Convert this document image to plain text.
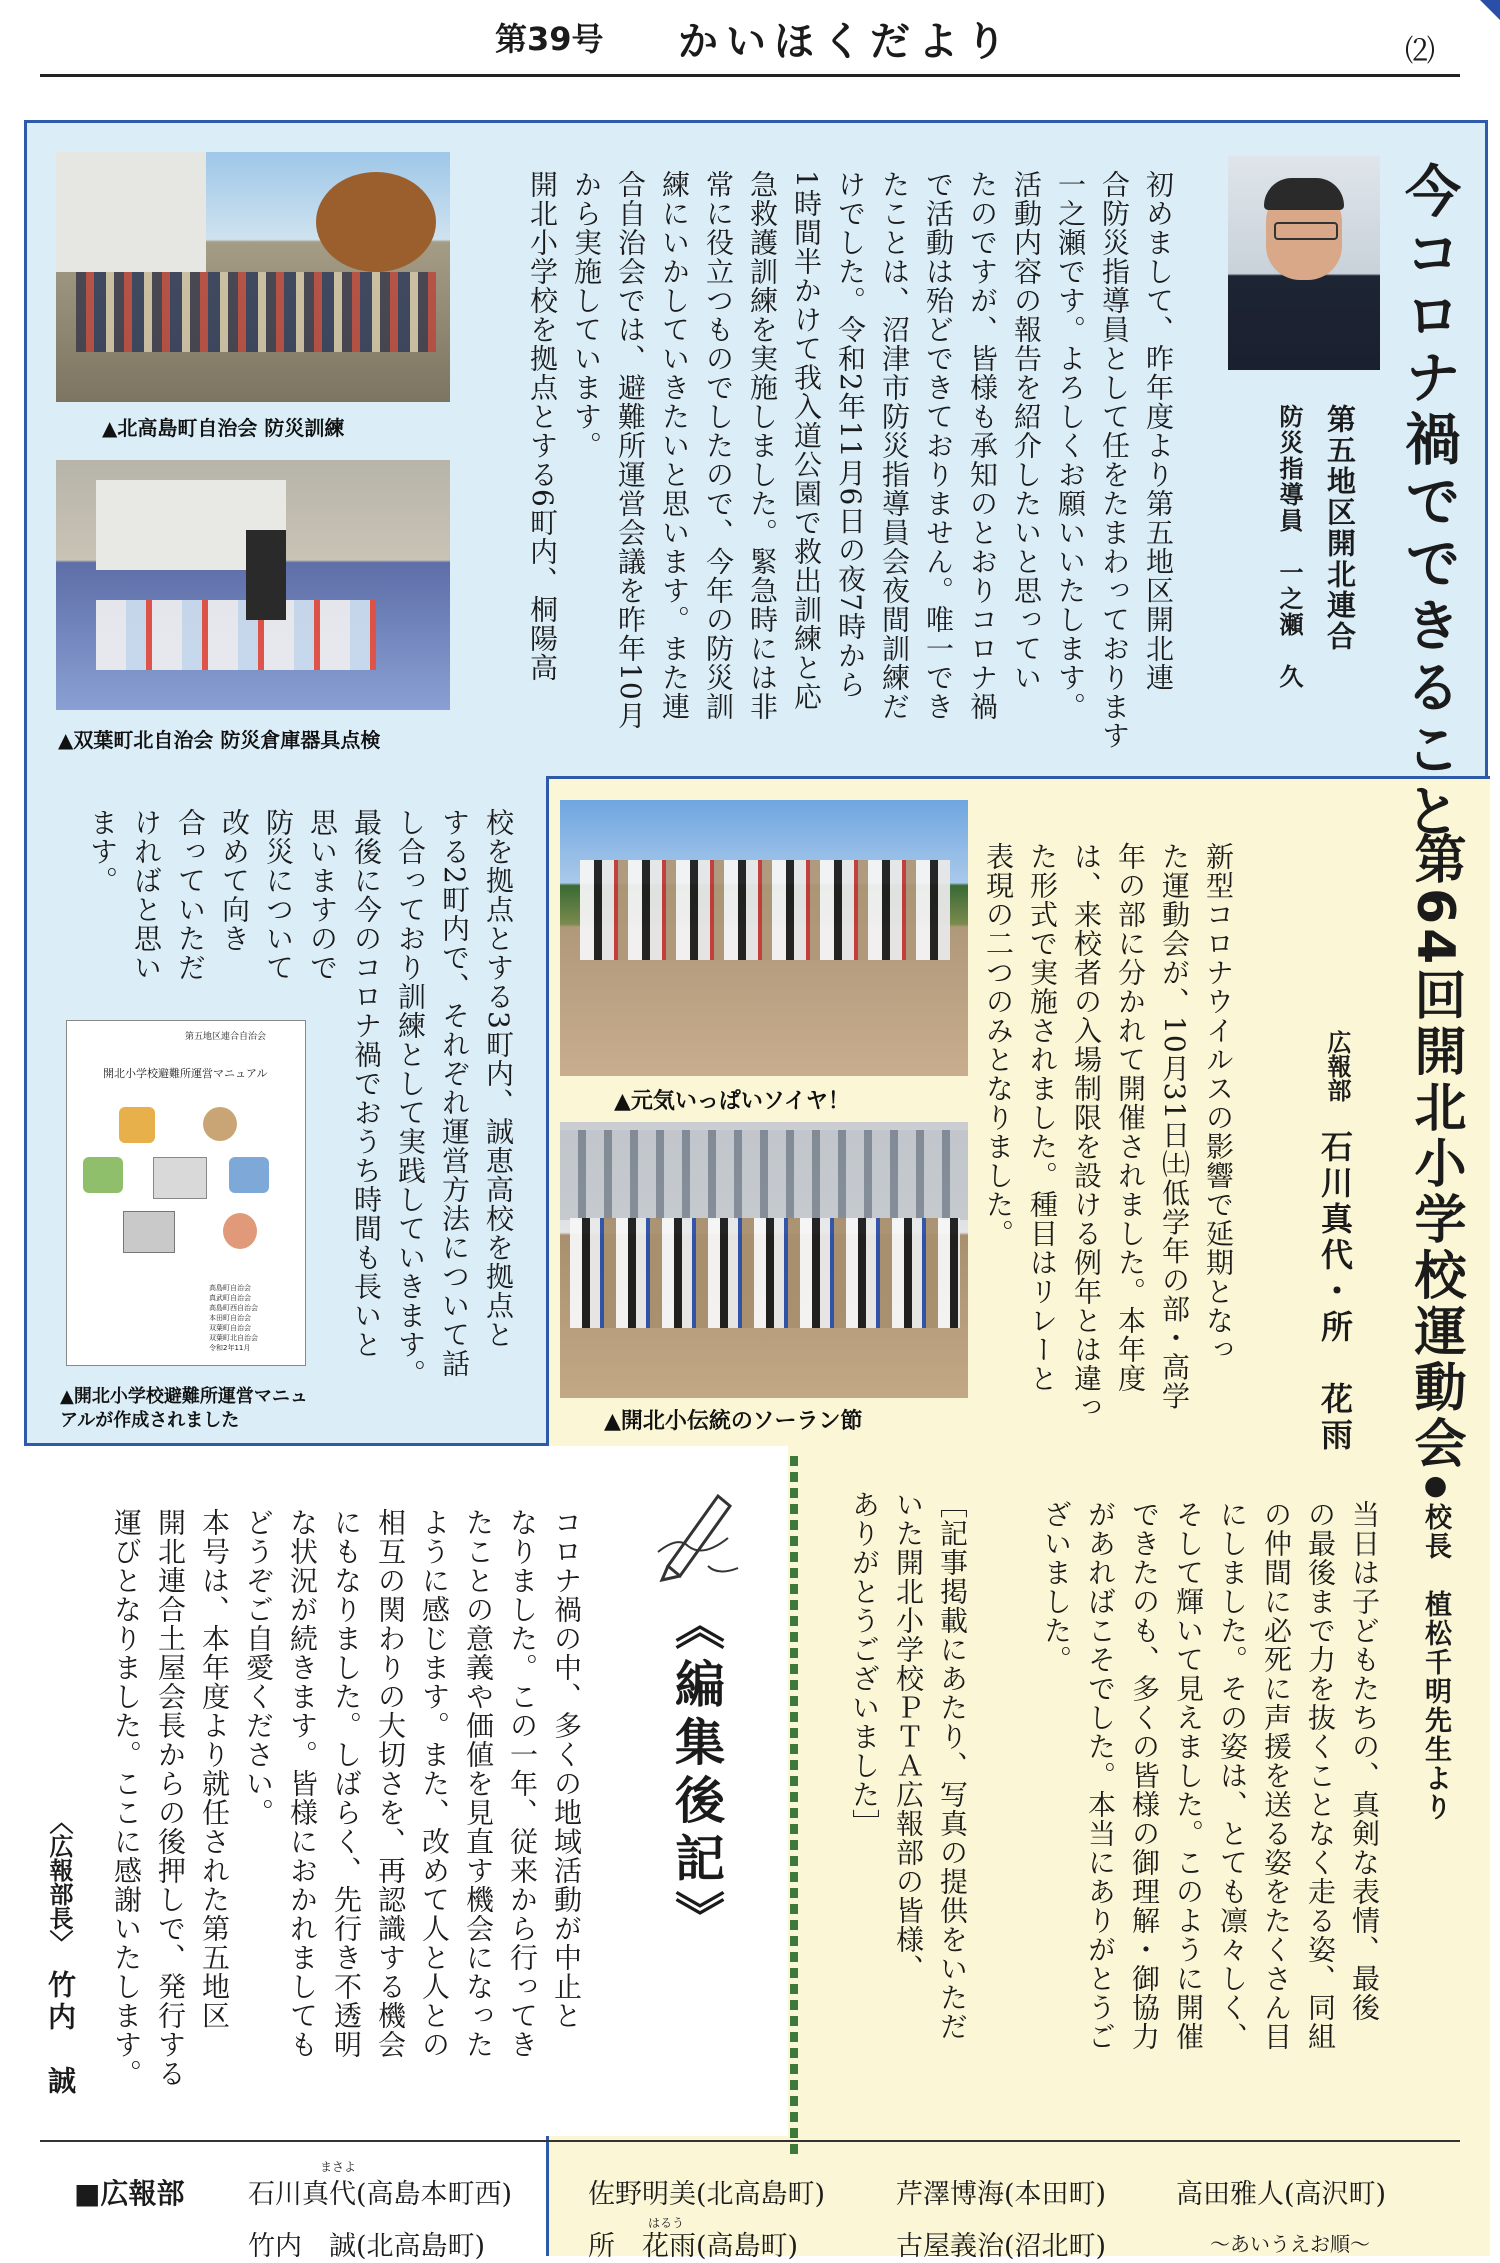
第39号 かいほくだより	⑵
今コロナ禍でできること
第五地区開北連合
防災指導員　一之瀬　久
初めまして、昨年度より第五地区開北連
合防災指導員として任をたまわっております
一之瀬です。よろしくお願いいたします。
活動内容の報告を紹介したいと思ってい
たのですが、皆様も承知のとおりコロナ禍
で活動は殆どできておりません。唯一でき
たことは、沼津市防災指導員会夜間訓練だ
けでした。令和2年11月6日の夜7時から
1時間半かけて我入道公園で救出訓練と応
急救護訓練を実施しました。緊急時には非
常に役立つものでしたので、今年の防災訓
練にいかしていきたいと思います。また連
合自治会では、避難所運営会議を昨年10月
から実施しています。
開北小学校を拠点とする6町内、桐陽高
▲北高島町自治会 防災訓練
▲双葉町北自治会 防災倉庫器具点検
校を拠点とする3町内、誠恵高校を拠点と
する2町内で、それぞれ運営方法について話
し合っており訓練として実践していきます。
最後に今のコロナ禍でおうち時間も長いと
思いますので
防災について
改めて向き
合っていただ
ければと思い
ます。
第五地区連合自治会
開北小学校避難所運営マニュアル
高島町自治会
真武町自治会
高島町西自治会
本田町自治会
双葉町自治会
双葉町北自治会
令和2年11月
▲開北小学校避難所運営マニュ
アルが作成されました	第64回開北小学校運動会
広報部
石川真代・所　花雨
新型コロナウイルスの影響で延期となっ
た運動会が、10月31日㈯低学年の部・高学
年の部に分かれて開催されました。本年度
は、来校者の入場制限を設ける例年とは違っ
た形式で実施されました。種目はリレーと
表現の二つのみとなりました。
▲元気いっぱいソイヤ！
▲開北小伝統のソーラン節
●校長　植松千明先生より
当日は子どもたちの、真剣な表情、最後
の最後まで力を抜くことなく走る姿、同組
の仲間に必死に声援を送る姿をたくさん目
にしました。その姿は、とても凛々しく、
そして輝いて見えました。このように開催
できたのも、多くの皆様の御理解・御協力
があればこそでした。本当にありがとうご
ざいました。
［記事掲載にあたり、写真の提供をいただ
いた開北小学校ＰＴＡ広報部の皆様、
ありがとうございました］
《編集後記》
コロナ禍の中、多くの地域活動が中止と
なりました。この一年、従来から行ってき
たことの意義や価値を見直す機会になった
ように感じます。また、改めて人と人との
相互の関わりの大切さを、再認識する機会
にもなりました。しばらく、先行き不透明
な状況が続きます。皆様におかれましても
どうぞご自愛ください。
本号は、本年度より就任された第五地区
開北連合土屋会長からの後押しで、発行する
運びとなりました。ここに感謝いたします。
〈広報部長〉
竹内　誠
■広報部
まさよ
はるう
石川真代(高島本町西)	佐野明美(北高島町)	芹澤博海(本田町)	高田雅人(高沢町)
竹内　誠(北高島町)	所　花雨(高島町)	古屋義治(沼北町)	～あいうえお順～
